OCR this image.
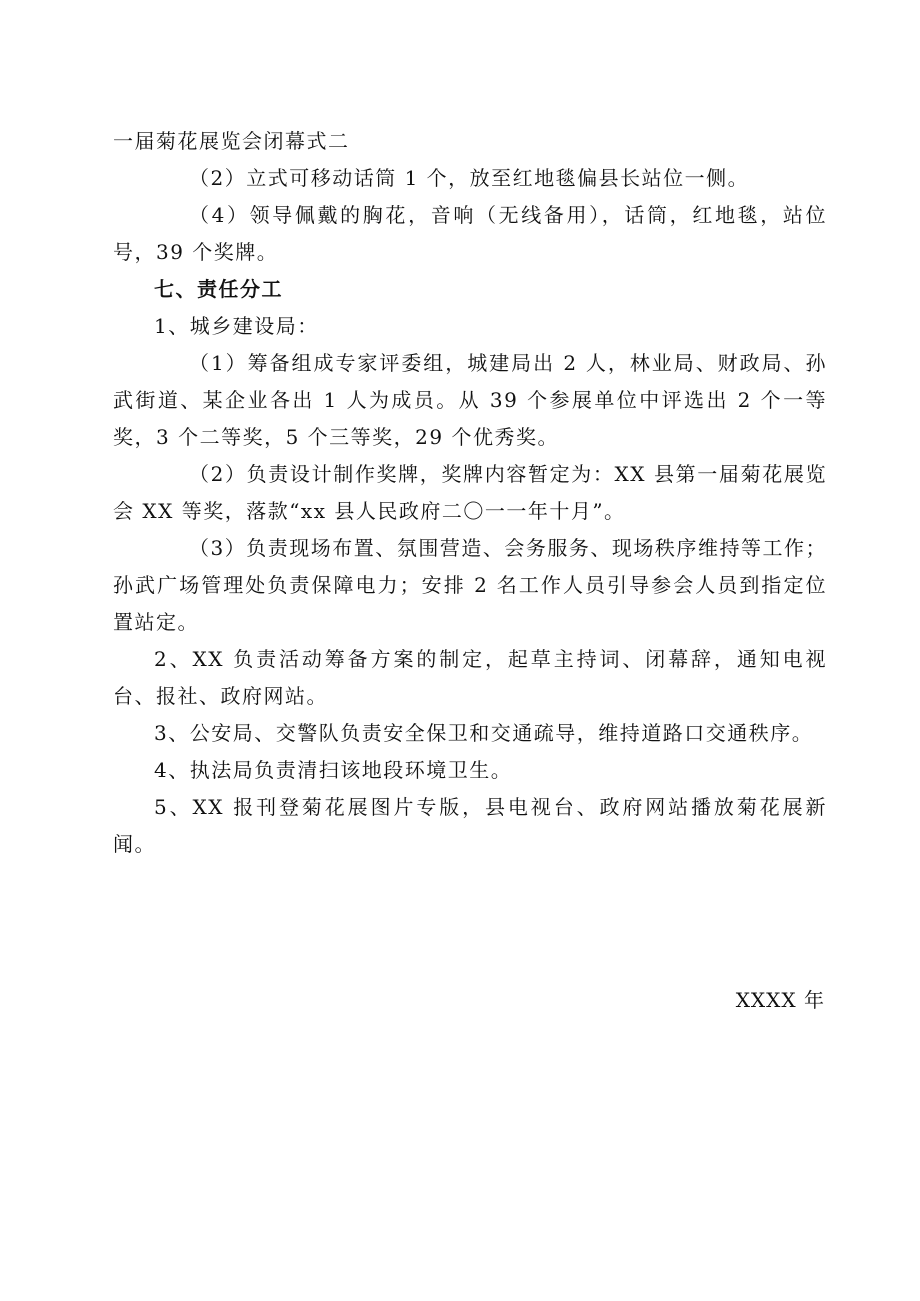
一届菊花展览会闭幕式二

（2）立式可移动话筒 1 个，放至红地毯偏县长站位一侧。

（4）领导佩戴的胸花，音响（无线备用），话筒，红地毯，站位号，39 个奖牌。

七、责任分工

1、城乡建设局：

（1）筹备组成专家评委组，城建局出 2 人，林业局、财政局、孙武街道、某企业各出 1 人为成员。从 39 个参展单位中评选出 2 个一等奖，3 个二等奖，5 个三等奖，29 个优秀奖。

（2）负责设计制作奖牌，奖牌内容暂定为：XX 县第一届菊花展览会 XX 等奖，落款“xx 县人民政府二〇一一年十月”。

（3）负责现场布置、氛围营造、会务服务、现场秩序维持等工作；孙武广场管理处负责保障电力；安排 2 名工作人员引导参会人员到指定位置站定。

2、XX 负责活动筹备方案的制定，起草主持词、闭幕辞，通知电视台、报社、政府网站。

3、公安局、交警队负责安全保卫和交通疏导，维持道路口交通秩序。

4、执法局负责清扫该地段环境卫生。

5、XX 报刊登菊花展图片专版，县电视台、政府网站播放菊花展新闻。

XXXX 年
